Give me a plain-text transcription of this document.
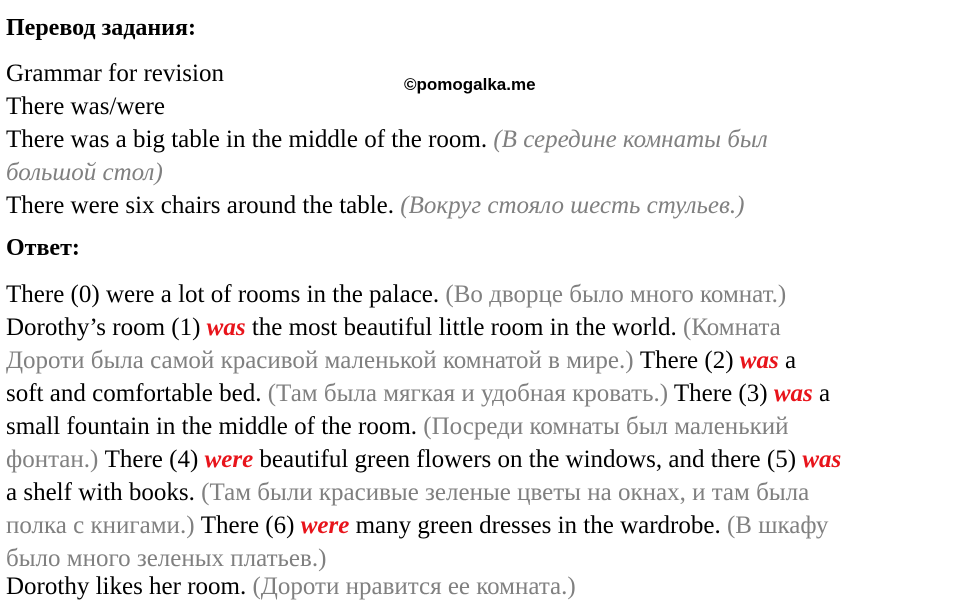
Перевод задания:
©pomogalka.me
Grammar for revision
There was/were
There was a big table in the middle of the room. (В середине комнаты был
большой стол)
There were six chairs around the table. (Вокруг стояло шесть стульев.)
Ответ:
There (0) were a lot of rooms in the palace. (Во дворце было много комнат.)
Dorothy’s room (1) was the most beautiful little room in the world. (Комната
Дороти была самой красивой маленькой комнатой в мире.) There (2) was a
soft and comfortable bed. (Там была мягкая и удобная кровать.) There (3) was a
small fountain in the middle of the room. (Посреди комнаты был маленький
фонтан.) There (4) were beautiful green flowers on the windows, and there (5) was
a shelf with books. (Там были красивые зеленые цветы на окнах, и там была
полка с книгами.) There (6) were many green dresses in the wardrobe. (В шкафу
было много зеленых платьев.)
Dorothy likes her room. (Дороти нравится ее комната.)
